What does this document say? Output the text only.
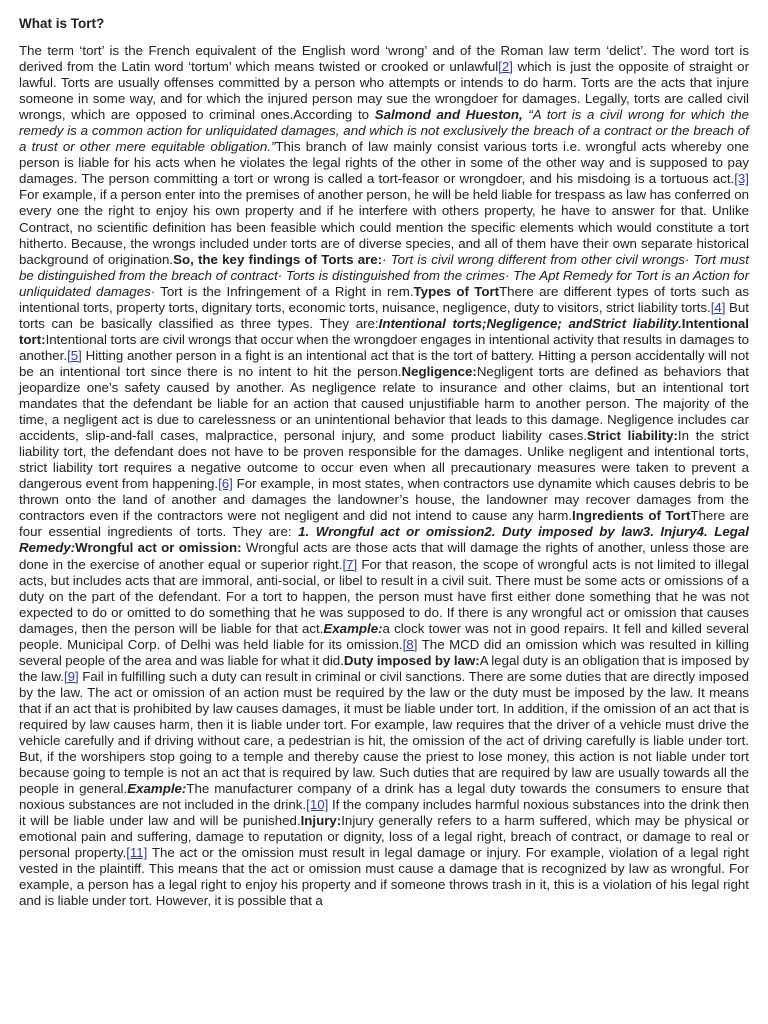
What is Tort?

The term ‘tort’ is the French equivalent of the English word ‘wrong’ and of the Roman law term ‘delict’. The word tort is derived from the Latin word ‘tortum’ which means twisted or crooked or unlawful[2] which is just the opposite of straight or lawful. Torts are usually offenses committed by a person who attempts or intends to do harm. Torts are the acts that injure someone in some way, and for which the injured person may sue the wrongdoer for damages. Legally, torts are called civil wrongs, which are opposed to criminal ones.According to Salmond and Hueston, “A tort is a civil wrong for which the remedy is a common action for unliquidated damages, and which is not exclusively the breach of a contract or the breach of a trust or other mere equitable obligation.”This branch of law mainly consist various torts i.e. wrongful acts whereby one person is liable for his acts when he violates the legal rights of the other in some of the other way and is supposed to pay damages. The person committing a tort or wrong is called a tort-feasor or wrongdoer, and his misdoing is a tortuous act.[3] For example, if a person enter into the premises of another person, he will be held liable for trespass as law has conferred on every one the right to enjoy his own property and if he interfere with others property, he have to answer for that. Unlike Contract, no scientific definition has been feasible which could mention the specific elements which would constitute a tort hitherto. Because, the wrongs included under torts are of diverse species, and all of them have their own separate historical background of origination.So, the key findings of Torts are:· Tort is civil wrong different from other civil wrongs· Tort must be distinguished from the breach of contract· Torts is distinguished from the crimes· The Apt Remedy for Tort is an Action for unliquidated damages· Tort is the Infringement of a Right in rem.Types of TortThere are different types of torts such as intentional torts, property torts, dignitary torts, economic torts, nuisance, negligence, duty to visitors, strict liability torts.[4] But torts can be basically classified as three types. They are:Intentional torts;Negligence; andStrict liability.Intentional tort:Intentional torts are civil wrongs that occur when the wrongdoer engages in intentional activity that results in damages to another.[5] Hitting another person in a fight is an intentional act that is the tort of battery. Hitting a person accidentally will not be an intentional tort since there is no intent to hit the person.Negligence:Negligent torts are defined as behaviors that jeopardize one’s safety caused by another. As negligence relate to insurance and other claims, but an intentional tort mandates that the defendant be liable for an action that caused unjustifiable harm to another person. The majority of the time, a negligent act is due to carelessness or an unintentional behavior that leads to this damage. Negligence includes car accidents, slip-and-fall cases, malpractice, personal injury, and some product liability cases.Strict liability:In the strict liability tort, the defendant does not have to be proven responsible for the damages. Unlike negligent and intentional torts, strict liability tort requires a negative outcome to occur even when all precautionary measures were taken to prevent a dangerous event from happening.[6] For example, in most states, when contractors use dynamite which causes debris to be thrown onto the land of another and damages the landowner’s house, the landowner may recover damages from the contractors even if the contractors were not negligent and did not intend to cause any harm.Ingredients of TortThere are four essential ingredients of torts. They are: 1. Wrongful act or omission2. Duty imposed by law3. Injury4. Legal Remedy:Wrongful act or omission: Wrongful acts are those acts that will damage the rights of another, unless those are done in the exercise of another equal or superior right.[7] For that reason, the scope of wrongful acts is not limited to illegal acts, but includes acts that are immoral, anti-social, or libel to result in a civil suit. There must be some acts or omissions of a duty on the part of the defendant. For a tort to happen, the person must have first either done something that he was not expected to do or omitted to do something that he was supposed to do. If there is any wrongful act or omission that causes damages, then the person will be liable for that act.Example:a clock tower was not in good repairs. It fell and killed several people. Municipal Corp. of Delhi was held liable for its omission.[8] The MCD did an omission which was resulted in killing several people of the area and was liable for what it did.Duty imposed by law:A legal duty is an obligation that is imposed by the law.[9] Fail in fulfilling such a duty can result in criminal or civil sanctions. There are some duties that are directly imposed by the law. The act or omission of an action must be required by the law or the duty must be imposed by the law. It means that if an act that is prohibited by law causes damages, it must be liable under tort. In addition, if the omission of an act that is required by law causes harm, then it is liable under tort. For example, law requires that the driver of a vehicle must drive the vehicle carefully and if driving without care, a pedestrian is hit, the omission of the act of driving carefully is liable under tort. But, if the worshipers stop going to a temple and thereby cause the priest to lose money, this action is not liable under tort because going to temple is not an act that is required by law. Such duties that are required by law are usually towards all the people in general.Example:The manufacturer company of a drink has a legal duty towards the consumers to ensure that noxious substances are not included in the drink.[10] If the company includes harmful noxious substances into the drink then it will be liable under law and will be punished.Injury:Injury generally refers to a harm suffered, which may be physical or emotional pain and suffering, damage to reputation or dignity, loss of a legal right, breach of contract, or damage to real or personal property.[11] The act or the omission must result in legal damage or injury. For example, violation of a legal right vested in the plaintiff. This means that the act or omission must cause a damage that is recognized by law as wrongful. For example, a person has a legal right to enjoy his property and if someone throws trash in it, this is a violation of his legal right and is liable under tort. However, it is possible that a
